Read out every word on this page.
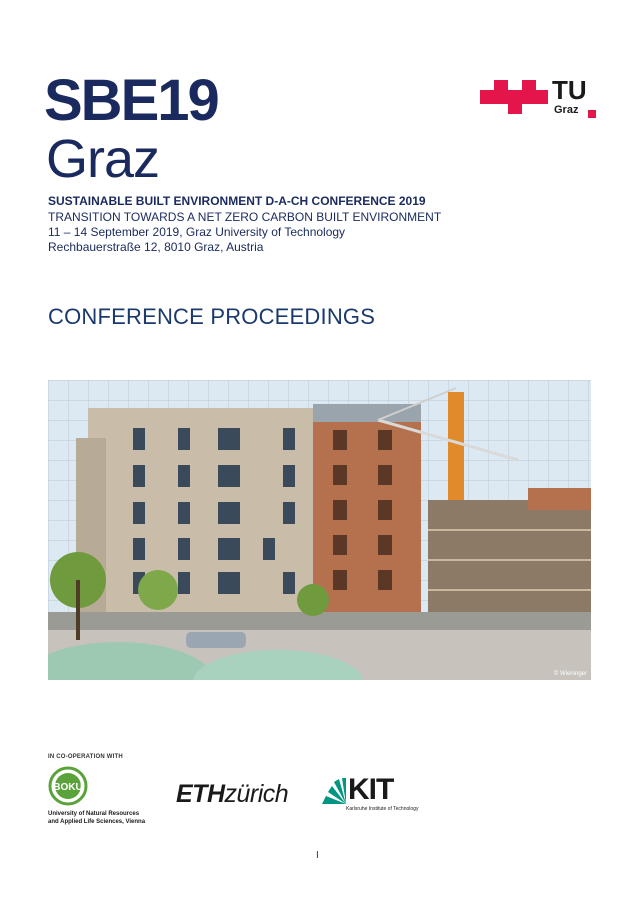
SBE19
Graz
TU
Graz
SUSTAINABLE BUILT ENVIRONMENT D-A-CH CONFERENCE 2019
TRANSITION TOWARDS A NET ZERO CARBON BUILT ENVIRONMENT
11 – 14 September 2019, Graz University of Technology
Rechbauerstraße 12, 8010 Graz, Austria
CONFERENCE PROCEEDINGS
© Wieninger
IN CO-OPERATION WITH
BOKU
University of Natural Resources
and Applied Life Sciences, Vienna
ETHzürich KIT
Karlsruhe Institute of Technology
I
